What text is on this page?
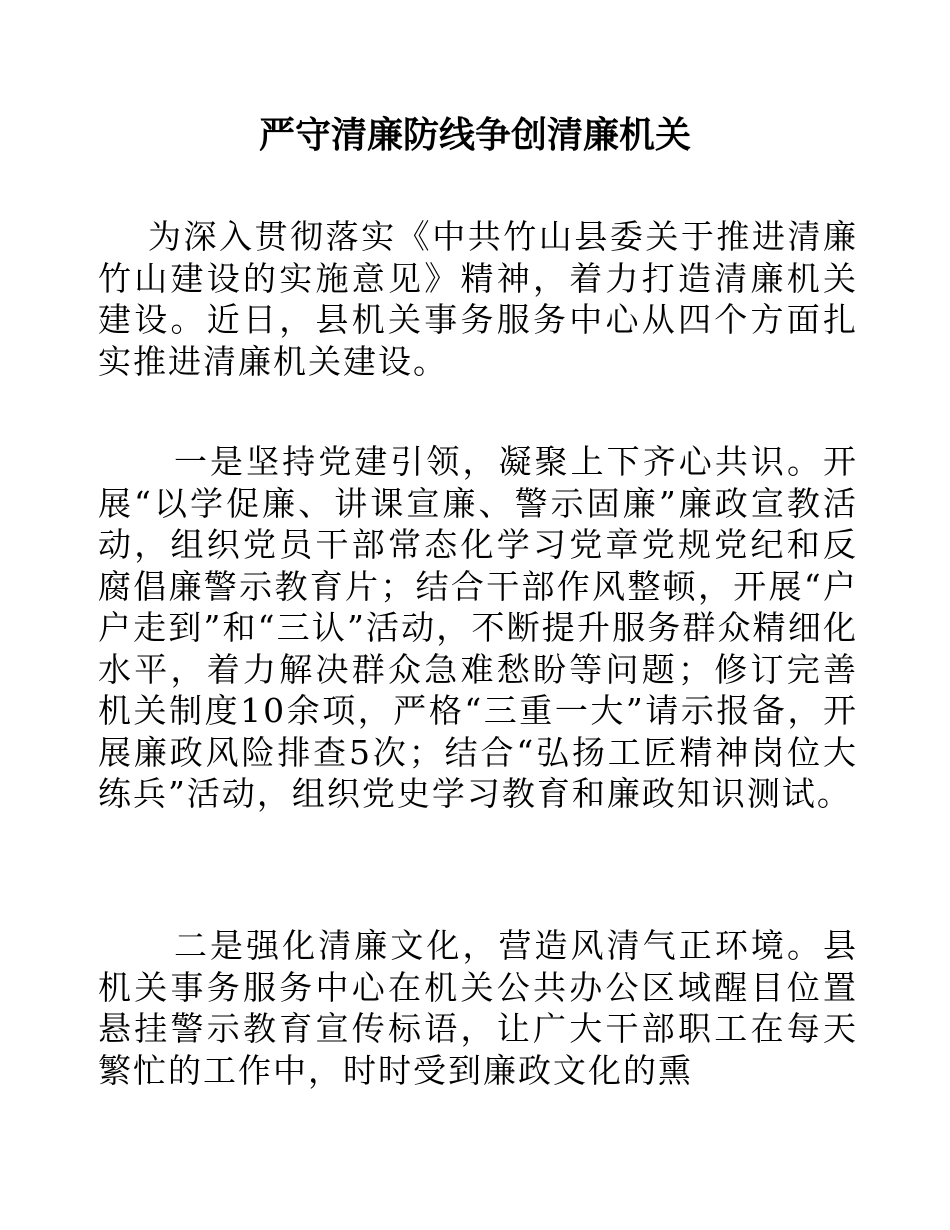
严守清廉防线争创清廉机关
为深入贯彻落实《中共竹山县委关于推进清廉竹山建设的实施意见》精神，着力打造清廉机关建设。近日，县机关事务服务中心从四个方面扎实推进清廉机关建设。
一是坚持党建引领，凝聚上下齐心共识。开展“以学促廉、讲课宣廉、警示固廉”廉政宣教活动，组织党员干部常态化学习党章党规党纪和反腐倡廉警示教育片；结合干部作风整顿，开展“户户走到”和“三认”活动，不断提升服务群众精细化水平，着力解决群众急难愁盼等问题；修订完善机关制度10余项，严格“三重一大”请示报备，开展廉政风险排查5次；结合“弘扬工匠精神岗位大练兵”活动，组织党史学习教育和廉政知识测试。
二是强化清廉文化，营造风清气正环境。县机关事务服务中心在机关公共办公区域醒目位置悬挂警示教育宣传标语，让广大干部职工在每天繁忙的工作中，时时受到廉政文化的熏
